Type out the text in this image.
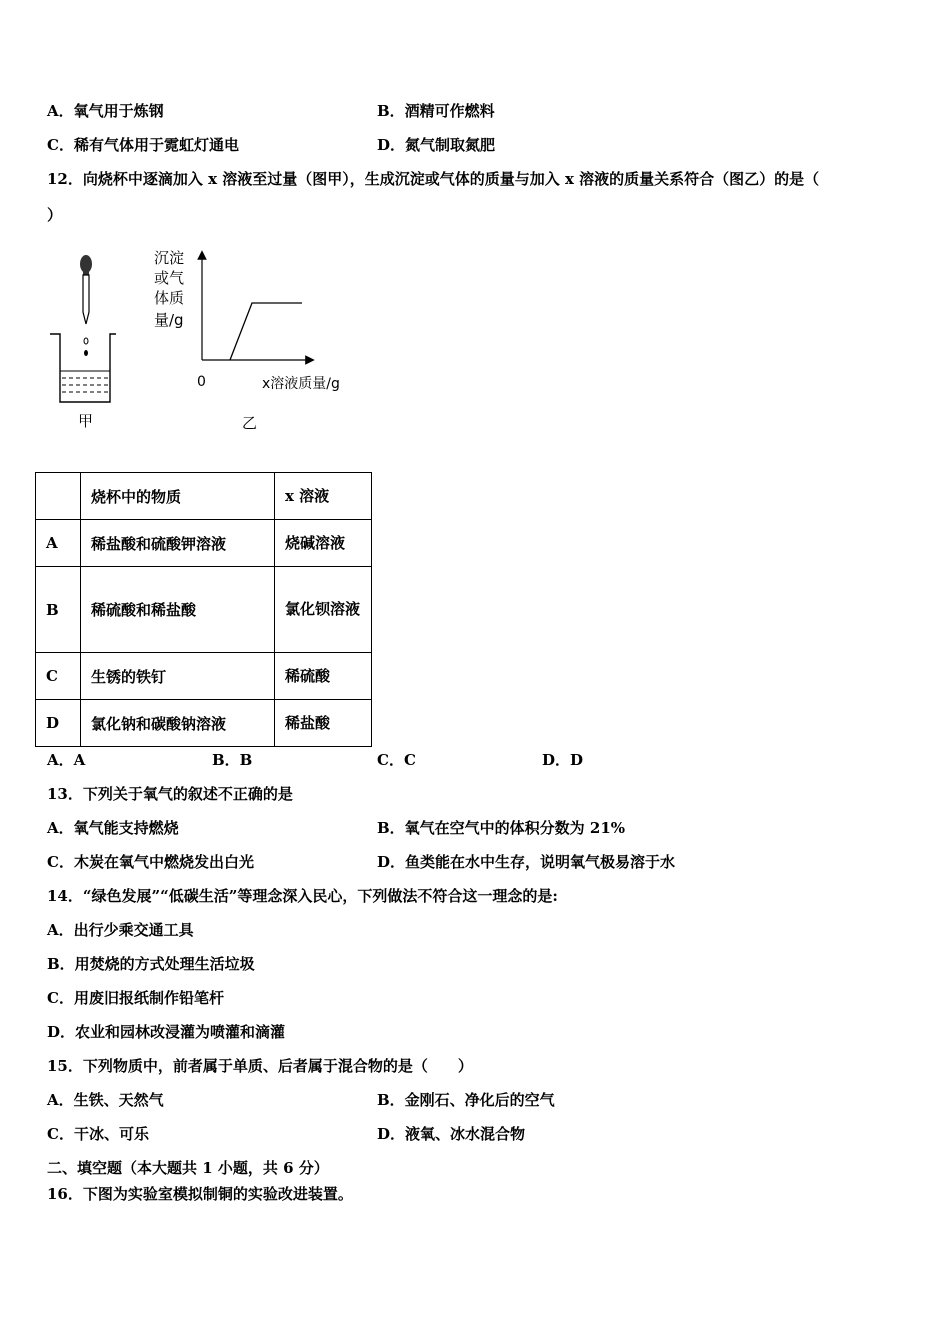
A．氧气用于炼钢	B．酒精可作燃料
C．稀有气体用于霓虹灯通电	D．氮气制取氮肥
12．向烧杯中逐滴加入 x 溶液至过量（图甲），生成沉淀或气体的质量与加入 x 溶液的质量关系符合（图乙）的是（
）
甲
沉淀
或气
体质
量/g
0	x溶液质量/g
乙
	烧杯中的物质	x 溶液
A	稀盐酸和硫酸钾溶液	烧碱溶液
B	稀硫酸和稀盐酸	氯化钡溶液
C	生锈的铁钉	稀硫酸
D	氯化钠和碳酸钠溶液	稀盐酸
A．A	B．B	C．C	D．D
13．下列关于氧气的叙述不正确的是
A．氧气能支持燃烧	B．氧气在空气中的体积分数为 21%
C．木炭在氧气中燃烧发出白光	D．鱼类能在水中生存，说明氧气极易溶于水
14．“绿色发展”“低碳生活”等理念深入民心，下列做法不符合这一理念的是:
A．出行少乘交通工具
B．用焚烧的方式处理生活垃圾
C．用废旧报纸制作铅笔杆
D．农业和园林改浸灌为喷灌和滴灌
15．下列物质中，前者属于单质、后者属于混合物的是（　　）
A．生铁、天然气	B．金刚石、净化后的空气
C．干冰、可乐	D．液氧、冰水混合物
二、填空题（本大题共 1 小题，共 6 分）
16．下图为实验室模拟制铜的实验改进装置。
